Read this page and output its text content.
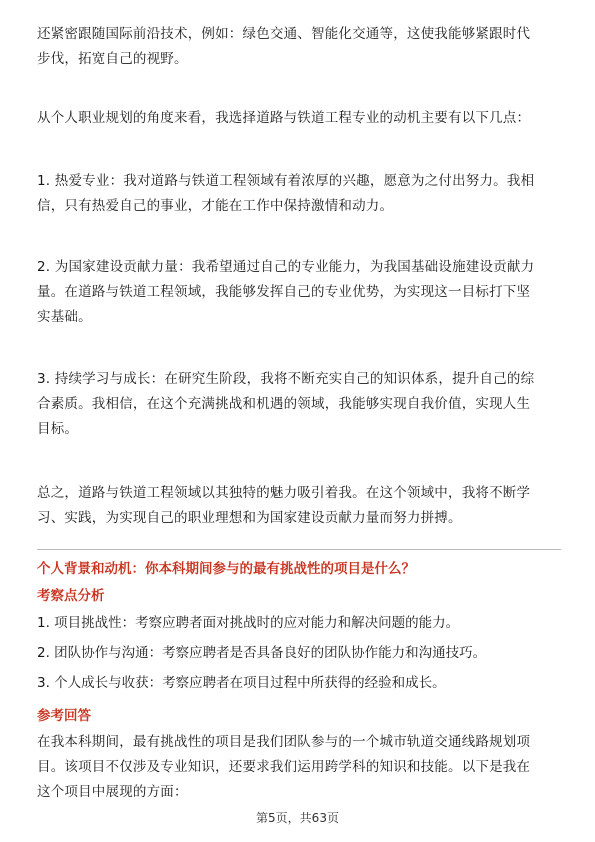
还紧密跟随国际前沿技术，例如：绿色交通、智能化交通等，这使我能够紧跟时代
步伐，拓宽自己的视野。

从个人职业规划的角度来看，我选择道路与铁道工程专业的动机主要有以下几点：

1. 热爱专业：我对道路与铁道工程领域有着浓厚的兴趣，愿意为之付出努力。我相
信，只有热爱自己的事业，才能在工作中保持激情和动力。

2. 为国家建设贡献力量：我希望通过自己的专业能力，为我国基础设施建设贡献力
量。在道路与铁道工程领域，我能够发挥自己的专业优势，为实现这一目标打下坚
实基础。

3. 持续学习与成长：在研究生阶段，我将不断充实自己的知识体系，提升自己的综
合素质。我相信，在这个充满挑战和机遇的领域，我能够实现自我价值，实现人生
目标。

总之，道路与铁道工程领域以其独特的魅力吸引着我。在这个领域中，我将不断学
习、实践，为实现自己的职业理想和为国家建设贡献力量而努力拼搏。

个人背景和动机：你本科期间参与的最有挑战性的项目是什么？
考察点分析
1. 项目挑战性：考察应聘者面对挑战时的应对能力和解决问题的能力。
2. 团队协作与沟通：考察应聘者是否具备良好的团队协作能力和沟通技巧。
3. 个人成长与收获：考察应聘者在项目过程中所获得的经验和成长。
参考回答

在我本科期间，最有挑战性的项目是我们团队参与的一个城市轨道交通线路规划项
目。该项目不仅涉及专业知识，还要求我们运用跨学科的知识和技能。以下是我在
这个项目中展现的方面：

第5页，共63页
